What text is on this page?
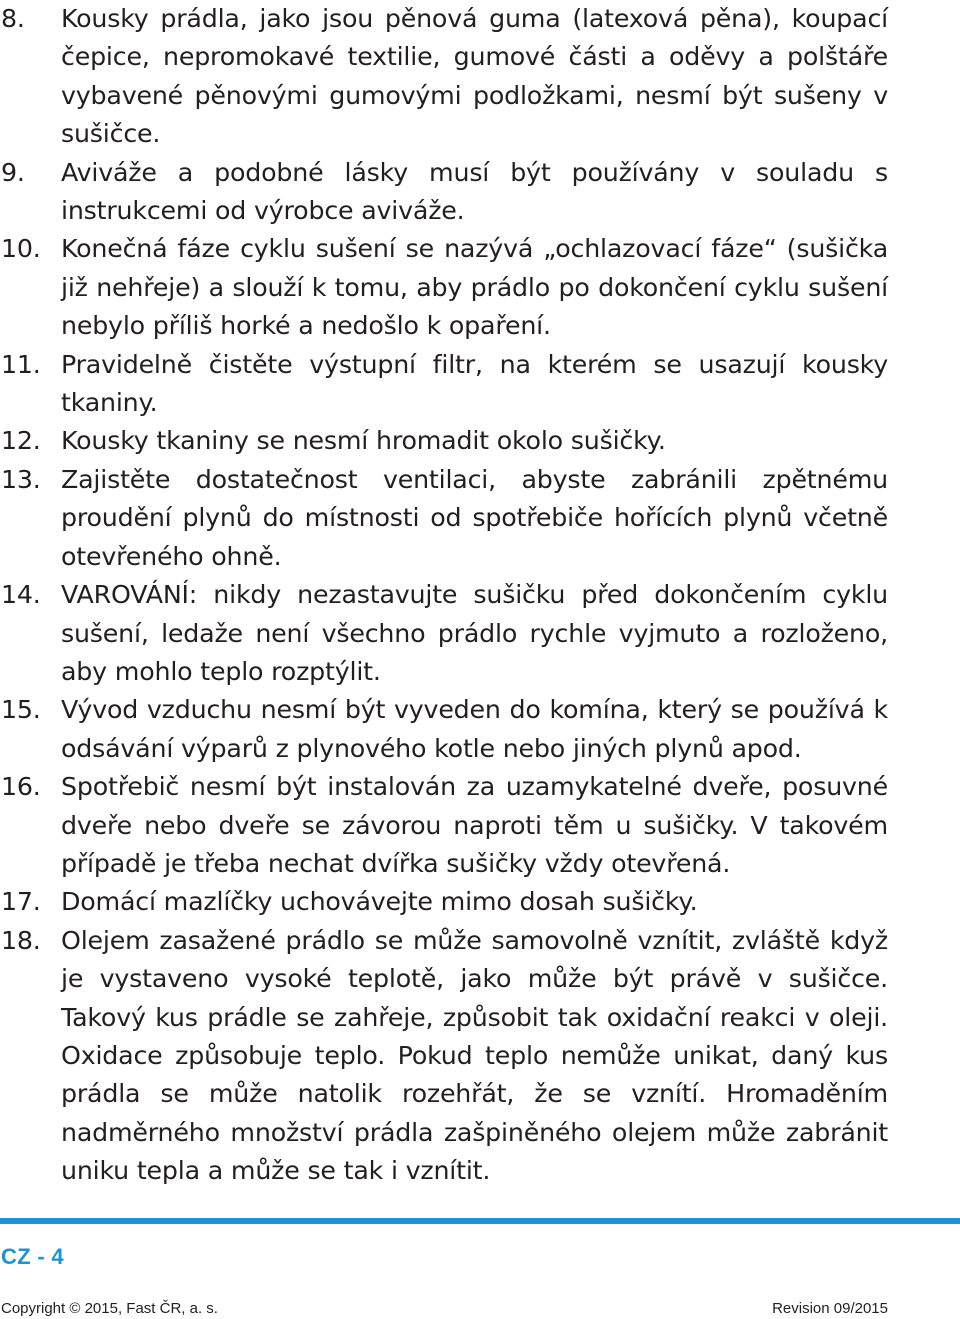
8. Kousky prádla, jako jsou pěnová guma (latexová pěna), koupací čepice, nepromokavé textilie, gumové části a oděvy a polštáře vybavené pěnovými gumovými podložkami, nesmí být sušeny v sušičce.
9. Aviváže a podobné lásky musí být používány v souladu s instrukcemi od výrobce aviváže.
10. Konečná fáze cyklu sušení se nazývá „ochlazovací fáze“ (sušička již nehřeje) a slouží k tomu, aby prádlo po dokončení cyklu sušení nebylo příliš horké a nedošlo k opaření.
11. Pravidelně čistěte výstupní filtr, na kterém se usazují kousky tkaniny.
12. Kousky tkaniny se nesmí hromadit okolo sušičky.
13. Zajistěte dostatečnost ventilaci, abyste zabránili zpětnému proudění plynů do místnosti od spotřebiče hořících plynů včetně otevřeného ohně.
14. VAROVÁNÍ: nikdy nezastavujte sušičku před dokončením cyklu sušení, ledaže není všechno prádlo rychle vyjmuto a rozloženo, aby mohlo teplo rozptýlit.
15. Vývod vzduchu nesmí být vyveden do komína, který se používá k odsávání výparů z plynového kotle nebo jiných plynů apod.
16. Spotřebič nesmí být instalován za uzamykatelné dveře, posuvné dveře nebo dveře se závorou naproti těm u sušičky. V takovém případě je třeba nechat dvířka sušičky vždy otevřená.
17. Domácí mazlíčky uchovávejte mimo dosah sušičky.
18. Olejem zasažené prádlo se může samovolně vznítit, zvláště když je vystaveno vysoké teplotě, jako může být právě v sušičce. Takový kus prádle se zahřeje, způsobit tak oxidační reakci v oleji. Oxidace způsobuje teplo. Pokud teplo nemůže unikat, daný kus prádla se může natolik rozehřát, že se vznítí. Hromaděním nadměrného množství prádla zašpiněného olejem může zabránit uniku tepla a může se tak i vznítit.
CZ - 4
Copyright © 2015, Fast ČR, a. s.	Revision 09/2015
